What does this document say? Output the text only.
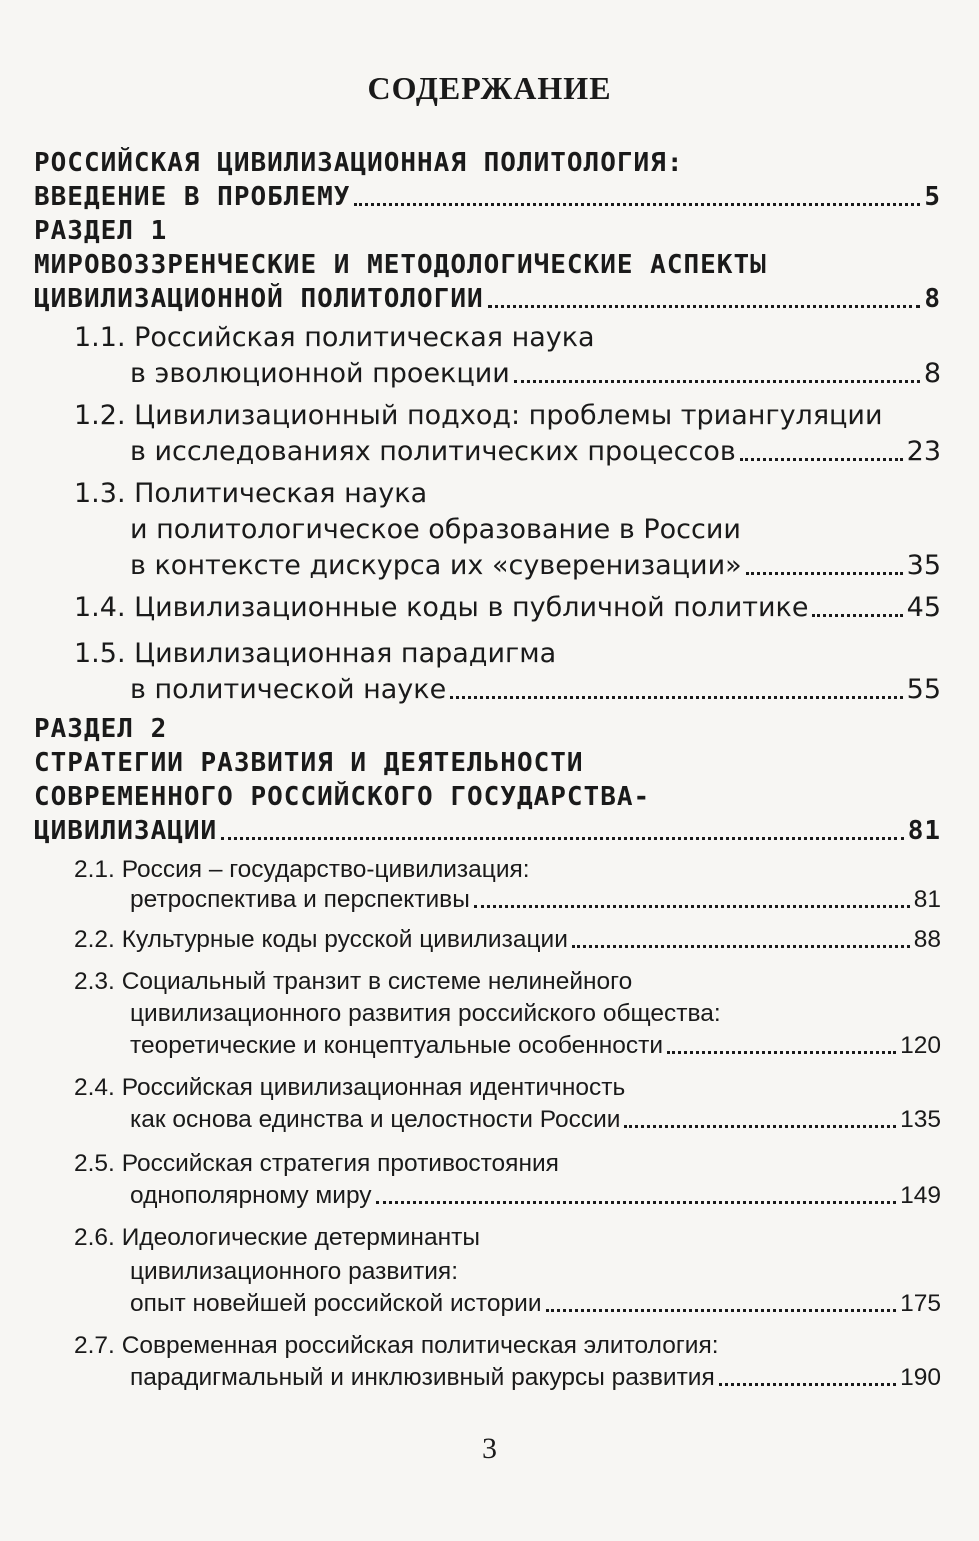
СОДЕРЖАНИЕ
РОССИЙСКАЯ ЦИВИЛИЗАЦИОННАЯ ПОЛИТОЛОГИЯ:
ВВЕДЕНИЕ В ПРОБЛЕМУ	5
РАЗДЕЛ 1
МИРОВОЗЗРЕНЧЕСКИЕ И МЕТОДОЛОГИЧЕСКИЕ АСПЕКТЫ
ЦИВИЛИЗАЦИОННОЙ ПОЛИТОЛОГИИ	8
1.1.
Российская политическая наука
в эволюционной проекции	8
1.2.
Цивилизационный подход: проблемы триангуляции
в исследованиях политических процессов	23
1.3.
Политическая наука
и политологическое образование в России
в контексте дискурса их «суверенизации»	35
1.4.
Цивилизационные коды в публичной политике	45
1.5.
Цивилизационная парадигма
в политической науке	55
РАЗДЕЛ 2
СТРАТЕГИИ РАЗВИТИЯ И ДЕЯТЕЛЬНОСТИ
СОВРЕМЕННОГО РОССИЙСКОГО ГОСУДАРСТВА-
ЦИВИЛИЗАЦИИ	81
2.1.
Россия – государство-цивилизация:
ретроспектива и перспективы	81
2.2.
Культурные коды русской цивилизации	88
2.3.
Социальный транзит в системе нелинейного
цивилизационного развития российского общества:
теоретические и концептуальные особенности	120
2.4.
Российская цивилизационная идентичность
как основа единства и целостности России	135
2.5.
Российская стратегия противостояния
однополярному миру	149
2.6.
Идеологические детерминанты
цивилизационного развития:
опыт новейшей российской истории	175
2.7.
Современная российская политическая элитология:
парадигмальный и инклюзивный ракурсы развития	190
3
